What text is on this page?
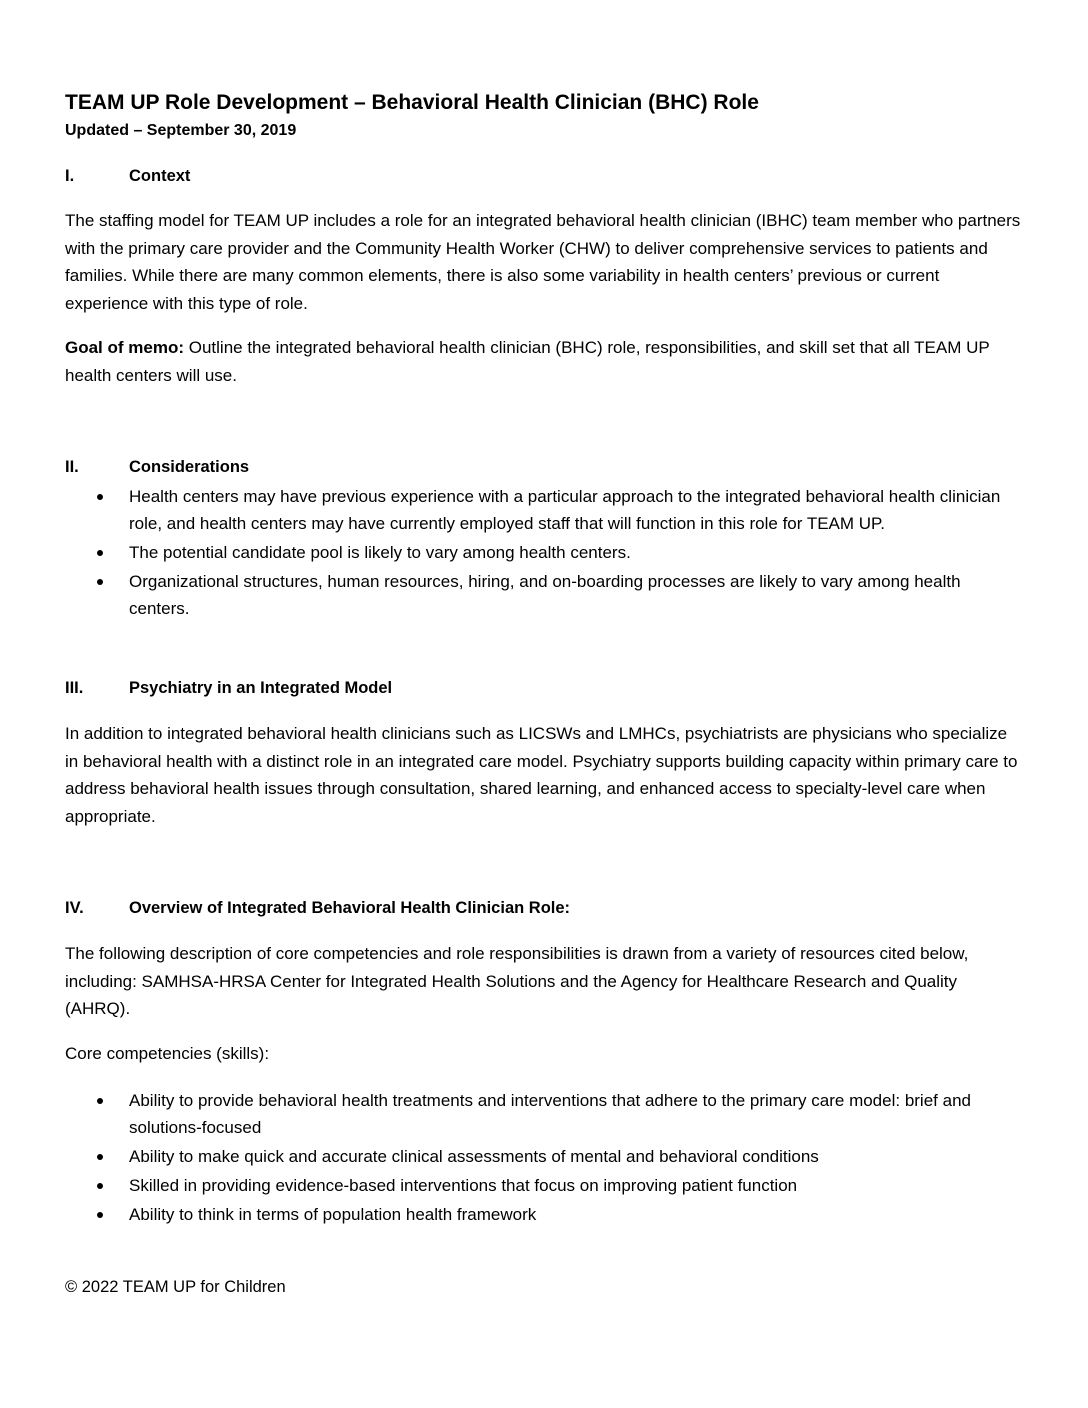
TEAM UP Role Development – Behavioral Health Clinician (BHC) Role
Updated – September 30, 2019
I.	Context

The staffing model for TEAM UP includes a role for an integrated behavioral health clinician (IBHC) team member who partners with the primary care provider and the Community Health Worker (CHW) to deliver comprehensive services to patients and families. While there are many common elements, there is also some variability in health centers’ previous or current experience with this type of role.

Goal of memo: Outline the integrated behavioral health clinician (BHC) role, responsibilities, and skill set that all TEAM UP health centers will use.

II.	Considerations
Health centers may have previous experience with a particular approach to the integrated behavioral health clinician role, and health centers may have currently employed staff that will function in this role for TEAM UP.
The potential candidate pool is likely to vary among health centers.
Organizational structures, human resources, hiring, and on-boarding processes are likely to vary among health centers.
III.	Psychiatry in an Integrated Model

In addition to integrated behavioral health clinicians such as LICSWs and LMHCs, psychiatrists are physicians who specialize in behavioral health with a distinct role in an integrated care model. Psychiatry supports building capacity within primary care to address behavioral health issues through consultation, shared learning, and enhanced access to specialty-level care when appropriate.

IV.	Overview of Integrated Behavioral Health Clinician Role:

The following description of core competencies and role responsibilities is drawn from a variety of resources cited below, including: SAMHSA-HRSA Center for Integrated Health Solutions and the Agency for Healthcare Research and Quality (AHRQ).

Core competencies (skills):

Ability to provide behavioral health treatments and interventions that adhere to the primary care model: brief and solutions-focused
Ability to make quick and accurate clinical assessments of mental and behavioral conditions
Skilled in providing evidence-based interventions that focus on improving patient function
Ability to think in terms of population health framework
© 2022 TEAM UP for Children
